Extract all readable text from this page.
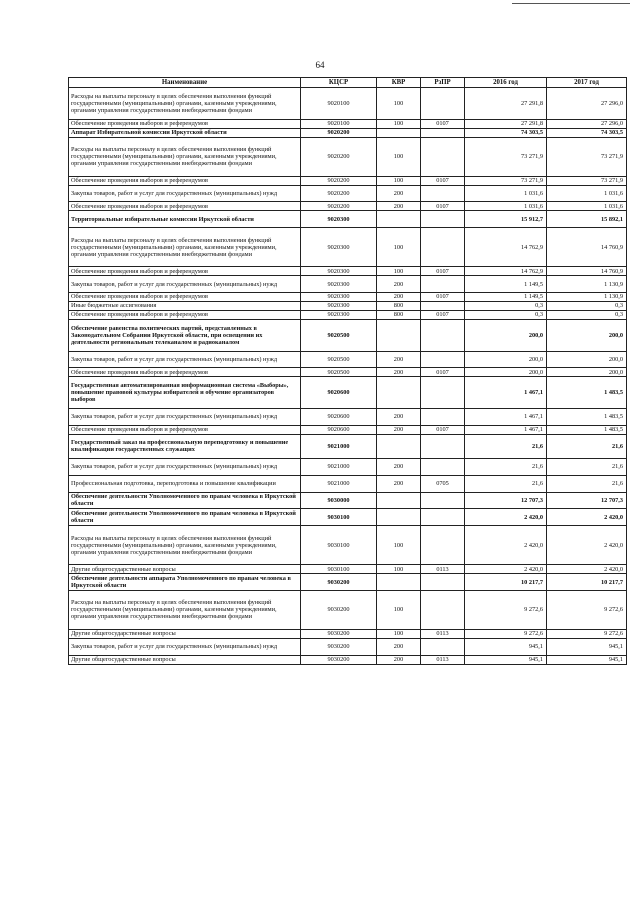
64
Наименование	КЦСР	КВР	РзПР	2016 год	2017 год
Расходы на выплаты персоналу в целях обеспечения выполнения функций государственными (муниципальными) органами, казенными учреждениями, органами управления государственными внебюджетными фондами	9020100	100		27 291,8	27 296,0
Обеспечение проведения выборов и референдумов	9020100	100	0107	27 291,8	27 296,0
Аппарат Избирательной комиссии Иркутской области	9020200			74 303,5	74 303,5
Расходы на выплаты персоналу в целях обеспечения выполнения функций государственными (муниципальными) органами, казенными учреждениями, органами управления государственными внебюджетными фондами	9020200	100		73 271,9	73 271,9
Обеспечение проведения выборов и референдумов	9020200	100	0107	73 271,9	73 271,9
Закупка товаров, работ и услуг для государственных (муниципальных) нужд	9020200	200		1 031,6	1 031,6
Обеспечение проведения выборов и референдумов	9020200	200	0107	1 031,6	1 031,6
Территориальные избирательные комиссии Иркутской области	9020300			15 912,7	15 892,1
Расходы на выплаты персоналу в целях обеспечения выполнения функций государственными (муниципальными) органами, казенными учреждениями, органами управления государственными внебюджетными фондами	9020300	100		14 762,9	14 760,9
Обеспечение проведения выборов и референдумов	9020300	100	0107	14 762,9	14 760,9
Закупка товаров, работ и услуг для государственных (муниципальных) нужд	9020300	200		1 149,5	1 130,9
Обеспечение проведения выборов и референдумов	9020300	200	0107	1 149,5	1 130,9
Иные бюджетные ассигнования	9020300	800		0,3	0,3
Обеспечение проведения выборов и референдумов	9020300	800	0107	0,3	0,3
Обеспечение равенства политических партий, представленных в Законодательном Собрании Иркутской области, при освещении их деятельности региональным телеканалом и радиоканалом	9020500			200,0	200,0
Закупка товаров, работ и услуг для государственных (муниципальных) нужд	9020500	200		200,0	200,0
Обеспечение проведения выборов и референдумов	9020500	200	0107	200,0	200,0
Государственная автоматизированная информационная система «Выборы», повышение правовой культуры избирателей и обучение организаторов выборов	9020600			1 467,1	1 483,5
Закупка товаров, работ и услуг для государственных (муниципальных) нужд	9020600	200		1 467,1	1 483,5
Обеспечение проведения выборов и референдумов	9020600	200	0107	1 467,1	1 483,5
Государственный заказ на профессиональную переподготовку и повышение квалификации государственных служащих	9021000			21,6	21,6
Закупка товаров, работ и услуг для государственных (муниципальных) нужд	9021000	200		21,6	21,6
Профессиональная подготовка, переподготовка и повышение квалификации	9021000	200	0705	21,6	21,6
Обеспечение деятельности Уполномоченного по правам человека в Иркутской области	9030000			12 707,3	12 707,3
Обеспечение деятельности Уполномоченного по правам человека в Иркутской области	9030100			2 420,0	2 420,0
Расходы на выплаты персоналу в целях обеспечения выполнения функций государственными (муниципальными) органами, казенными учреждениями, органами управления государственными внебюджетными фондами	9030100	100		2 420,0	2 420,0
Другие общегосударственные вопросы	9030100	100	0113	2 420,0	2 420,0
Обеспечение деятельности аппарата Уполномоченного по правам человека в Иркутской области	9030200			10 217,7	10 217,7
Расходы на выплаты персоналу в целях обеспечения выполнения функций государственными (муниципальными) органами, казенными учреждениями, органами управления государственными внебюджетными фондами	9030200	100		9 272,6	9 272,6
Другие общегосударственные вопросы	9030200	100	0113	9 272,6	9 272,6
Закупка товаров, работ и услуг для государственных (муниципальных) нужд	9030200	200		945,1	945,1
Другие общегосударственные вопросы	9030200	200	0113	945,1	945,1
